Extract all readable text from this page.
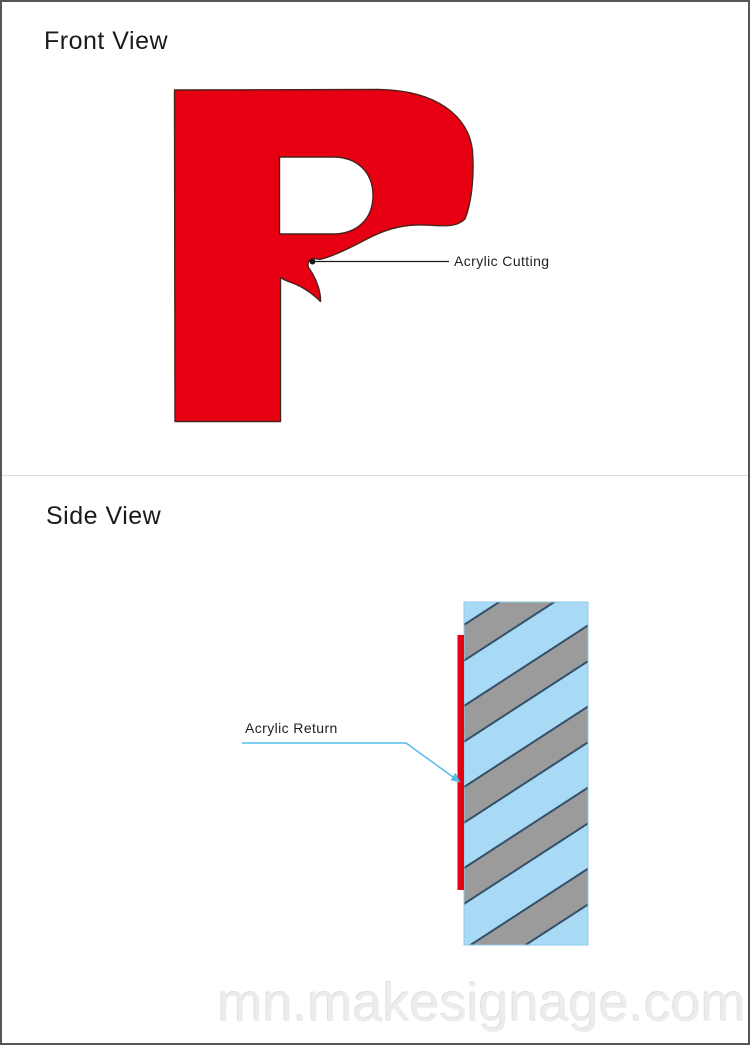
Front View
Side View
Acrylic Cutting
Acrylic Return
mn.makesignage.com
